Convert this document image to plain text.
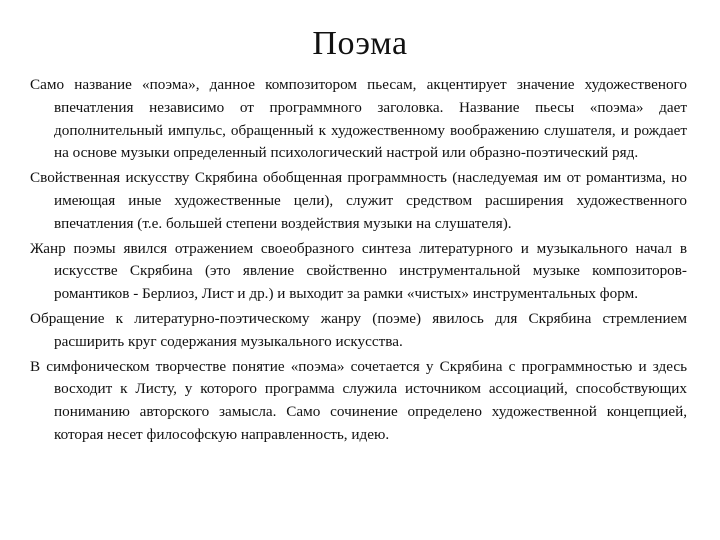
Поэма

Само название «поэма», данное композитором пьесам, акцентирует значение художественого впечатления независимо от программного заголовка. Название пьесы «поэма» дает дополнительный импульс, обращенный к художественному воображению слушателя, и рождает на основе музыки определенный психологический настрой или образно-поэтический ряд.

Свойственная искусству Скрябина обобщенная программность (наследуемая им от романтизма, но имеющая иные художественные цели), служит средством расширения художественного впечатления (т.е. большей степени воздействия музыки на слушателя).

Жанр поэмы явился отражением своеобразного синтеза литературного и музыкального начал в искусстве Скрябина (это явление свойственно инструментальной музыке композиторов-романтиков - Берлиоз, Лист и др.) и выходит за рамки «чистых» инструментальных форм.

Обращение к литературно-поэтическому жанру (поэме) явилось для Скрябина стремлением расширить круг содержания музыкального искусства.

В симфоническом творчестве понятие «поэма» сочетается у Скрябина с программностью и здесь восходит к Листу, у которого программа служила источником ассоциаций, способствующих пониманию авторского замысла. Само сочинение определено художественной концепцией, которая несет философскую направленность, идею.
